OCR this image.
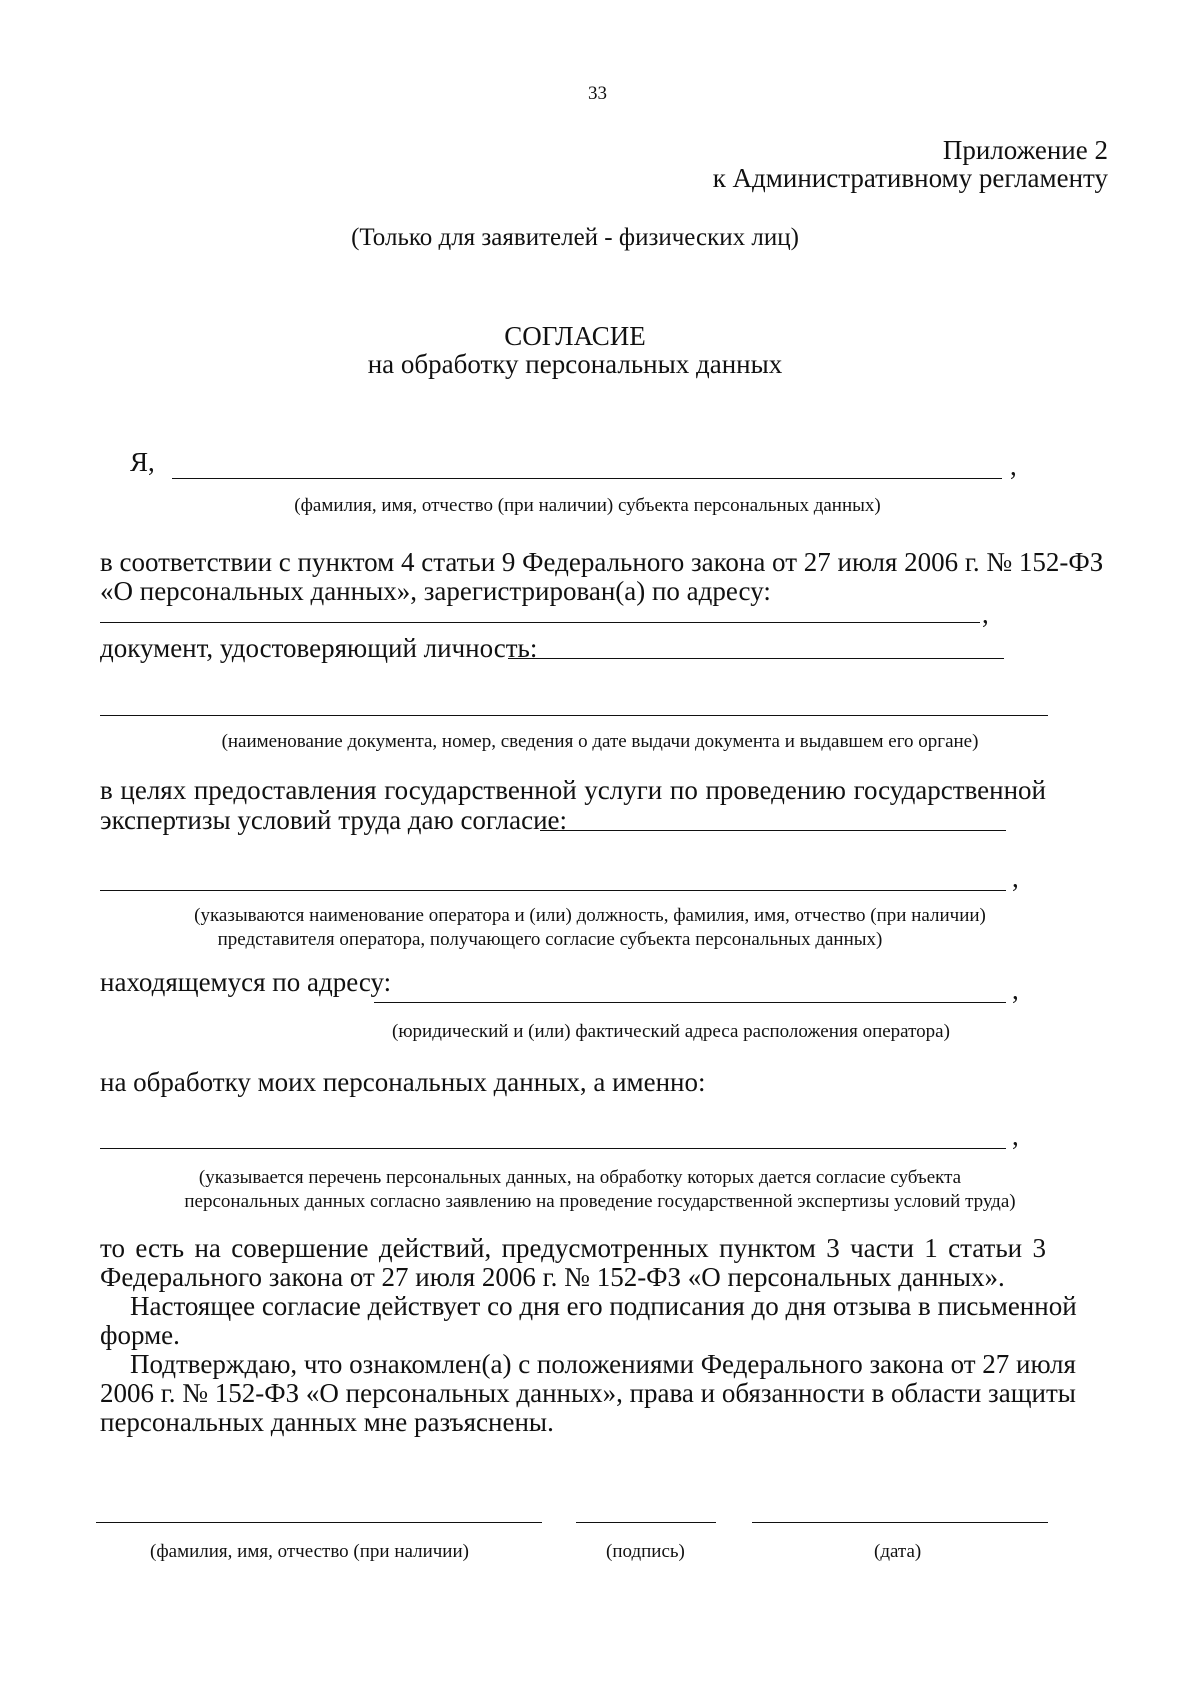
33
Приложение 2
к Административному регламенту
(Только для заявителей - физических лиц)
СОГЛАСИЕ
на обработку персональных данных
Я,	,
(фамилия, имя, отчество (при наличии) субъекта персональных данных)
в соответствии с пунктом 4 статьи 9 Федерального закона от 27 июля 2006 г. № 152-ФЗ
«О персональных данных», зарегистрирован(а) по адресу:
,
документ, удостоверяющий личность:
(наименование документа, номер, сведения о дате выдачи документа и выдавшем его органе)
в целях предоставления государственной услуги по проведению государственной
экспертизы условий труда даю согласие:
,
(указываются наименование оператора и (или) должность, фамилия, имя, отчество (при наличии)
представителя оператора, получающего согласие субъекта персональных данных)
находящемуся по адресу:	,
(юридический и (или) фактический адреса расположения оператора)
на обработку моих персональных данных, а именно:
,
(указывается перечень персональных данных, на обработку которых дается согласие субъекта
персональных данных согласно заявлению на проведение государственной экспертизы условий труда)
то есть на совершение действий, предусмотренных пунктом 3 части 1 статьи 3
Федерального закона от 27 июля 2006 г. № 152-ФЗ «О персональных данных».
Настоящее согласие действует со дня его подписания до дня отзыва в письменной
форме.
Подтверждаю, что ознакомлен(а) с положениями Федерального закона от 27 июля
2006 г. № 152-ФЗ «О персональных данных», права и обязанности в области защиты
персональных данных мне разъяснены.
(фамилия, имя, отчество (при наличии)	(подпись)	(дата)
